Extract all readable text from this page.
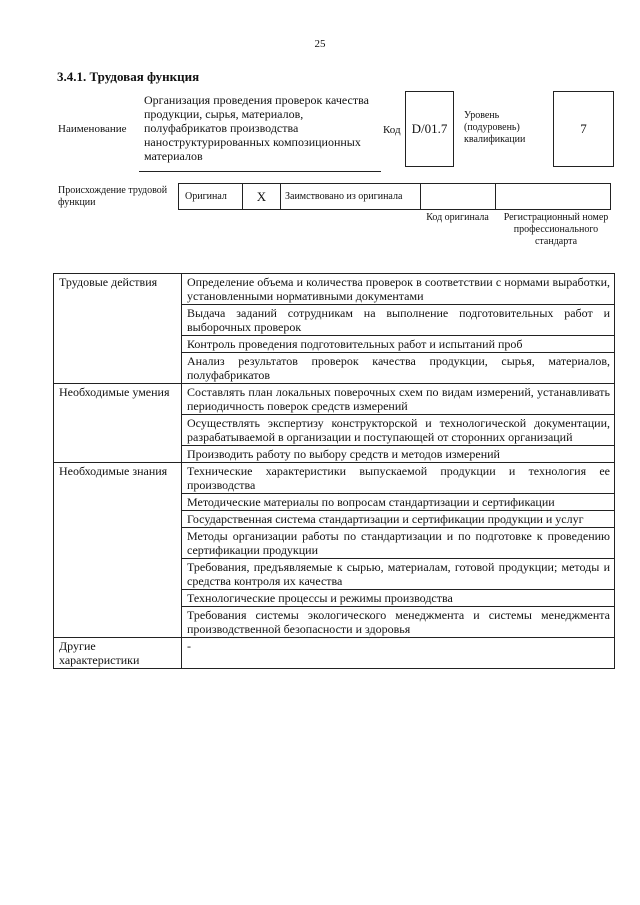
25
3.4.1. Трудовая функция
Наименование
Организация проведения проверок качества продукции, сырья, материалов, полуфабрикатов производства наноструктурированных композиционных материалов
Код D/01.7
Уровень (подуровень) квалификации
7
Происхождение трудовой функции
Оригинал	X	Заимствовано из оригинала
Код оригинала	Регистрационный номер профессионального стандарта
Трудовые действия	Определение объема и количества проверок в соответствии с нормами выработки, установленными нормативными документами
	Выдача заданий сотрудникам на выполнение подготовительных работ и выборочных проверок
	Контроль проведения подготовительных работ и испытаний проб
	Анализ результатов проверок качества продукции, сырья, материалов, полуфабрикатов
Необходимые умения	Составлять план локальных поверочных схем по видам измерений, устанавливать периодичность поверок средств измерений
	Осуществлять экспертизу конструкторской и технологической документации, разрабатываемой в организации и поступающей от сторонних организаций
	Производить работу по выбору средств и методов измерений
Необходимые знания	Технические характеристики выпускаемой продукции и технология ее производства
	Методические материалы по вопросам стандартизации и сертификации
	Государственная система стандартизации и сертификации продукции и услуг
	Методы организации работы по стандартизации и по подготовке к проведению сертификации продукции
	Требования, предъявляемые к сырью, материалам, готовой продукции; методы и средства контроля их качества
	Технологические процессы и режимы производства
	Требования системы экологического менеджмента и системы менеджмента производственной безопасности и здоровья
Другие характеристики	-
